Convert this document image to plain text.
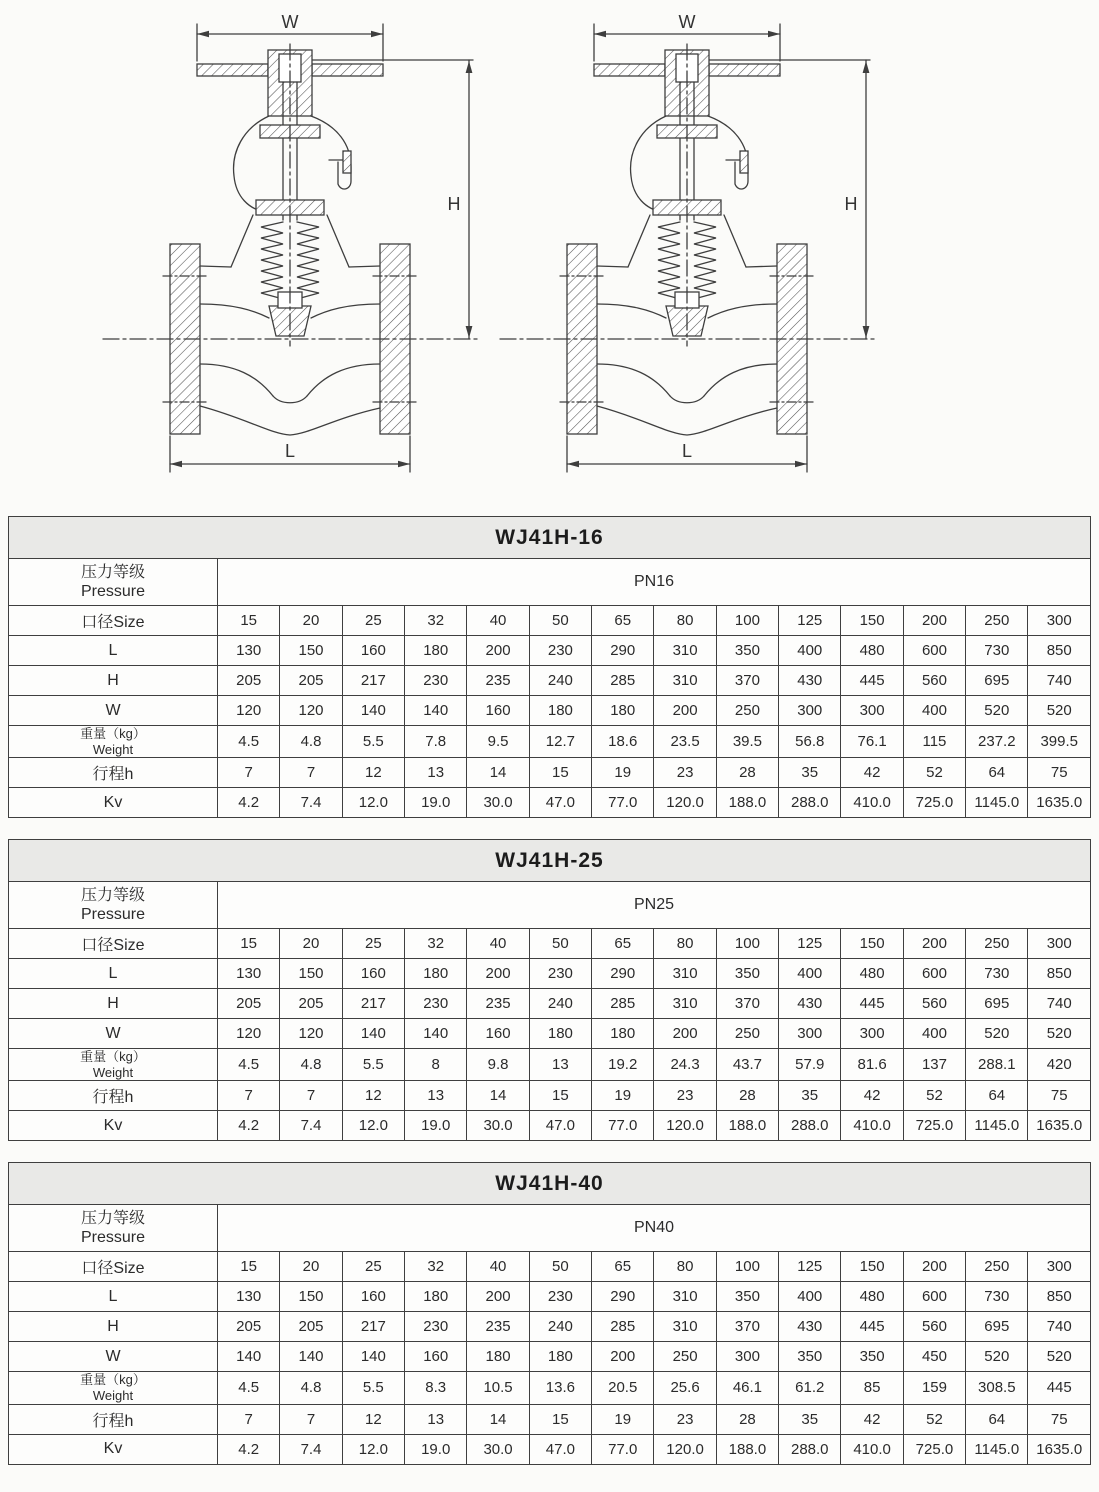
W
H
L
W
H
L
WJ41H-16														

压力等级
Pressure	PN16													
口径Size	15	20	25	32	40	50	65	80	100	125	150	200	250	300
L	130	150	160	180	200	230	290	310	350	400	480	600	730	850
H	205	205	217	230	235	240	285	310	370	430	445	560	695	740
W	120	120	140	140	160	180	180	200	250	300	300	400	520	520

重量（kg）
Weight	4.5	4.8	5.5	7.8	9.5	12.7	18.6	23.5	39.5	56.8	76.1	115	237.2	399.5
行程h	7	7	12	13	14	15	19	23	28	35	42	52	64	75
Kv	4.2	7.4	12.0	19.0	30.0	47.0	77.0	120.0	188.0	288.0	410.0	725.0	1145.0	1635.0
WJ41H-25														

压力等级
Pressure	PN25													
口径Size	15	20	25	32	40	50	65	80	100	125	150	200	250	300
L	130	150	160	180	200	230	290	310	350	400	480	600	730	850
H	205	205	217	230	235	240	285	310	370	430	445	560	695	740
W	120	120	140	140	160	180	180	200	250	300	300	400	520	520

重量（kg）
Weight	4.5	4.8	5.5	8	9.8	13	19.2	24.3	43.7	57.9	81.6	137	288.1	420
行程h	7	7	12	13	14	15	19	23	28	35	42	52	64	75
Kv	4.2	7.4	12.0	19.0	30.0	47.0	77.0	120.0	188.0	288.0	410.0	725.0	1145.0	1635.0
WJ41H-40														

压力等级
Pressure	PN40													
口径Size	15	20	25	32	40	50	65	80	100	125	150	200	250	300
L	130	150	160	180	200	230	290	310	350	400	480	600	730	850
H	205	205	217	230	235	240	285	310	370	430	445	560	695	740
W	140	140	140	160	180	180	200	250	300	350	350	450	520	520

重量（kg）
Weight	4.5	4.8	5.5	8.3	10.5	13.6	20.5	25.6	46.1	61.2	85	159	308.5	445
行程h	7	7	12	13	14	15	19	23	28	35	42	52	64	75
Kv	4.2	7.4	12.0	19.0	30.0	47.0	77.0	120.0	188.0	288.0	410.0	725.0	1145.0	1635.0
